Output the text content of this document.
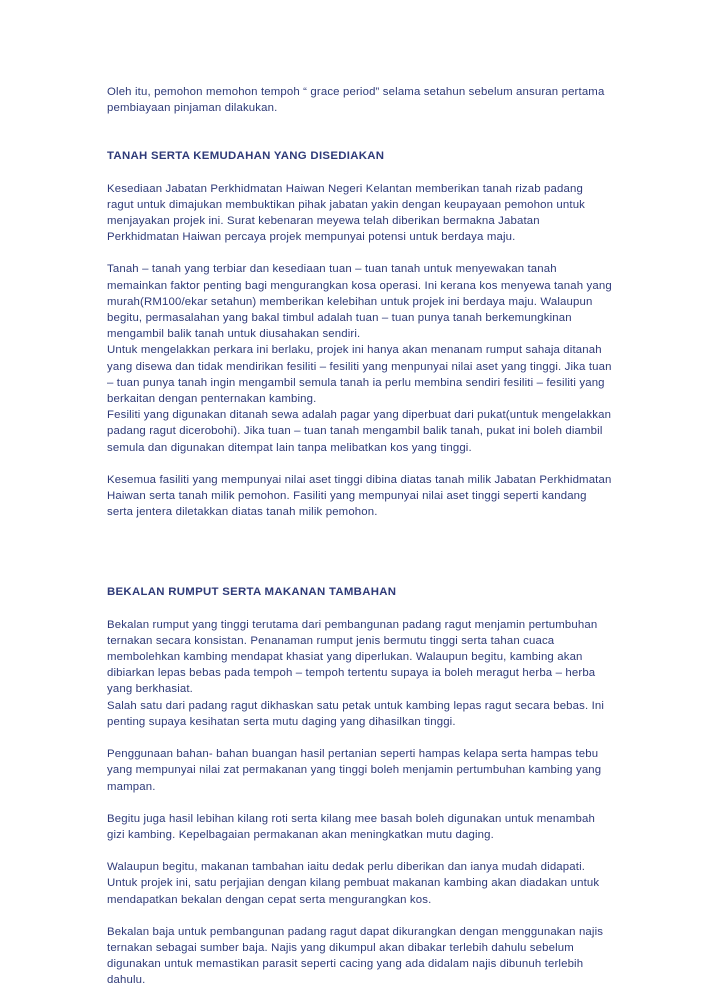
Oleh itu, pemohon memohon tempoh “ grace period” selama setahun sebelum ansuran pertama
pembiayaan pinjaman dilakukan.

TANAH SERTA KEMUDAHAN YANG DISEDIAKAN

Kesediaan Jabatan Perkhidmatan Haiwan Negeri Kelantan memberikan tanah rizab padang
ragut untuk dimajukan membuktikan pihak jabatan yakin dengan keupayaan pemohon untuk
menjayakan projek ini. Surat kebenaran meyewa telah diberikan bermakna Jabatan
Perkhidmatan Haiwan percaya projek mempunyai potensi untuk berdaya maju.

Tanah – tanah yang terbiar dan kesediaan tuan – tuan tanah untuk menyewakan tanah
memainkan faktor penting bagi mengurangkan kosa operasi. Ini kerana kos menyewa tanah yang
murah(RM100/ekar setahun) memberikan kelebihan untuk projek ini berdaya maju. Walaupun
begitu, permasalahan yang bakal timbul adalah tuan – tuan punya tanah berkemungkinan
mengambil balik tanah untuk diusahakan sendiri.
Untuk mengelakkan perkara ini berlaku, projek ini hanya akan menanam rumput sahaja ditanah
yang disewa dan tidak mendirikan fesiliti – fesiliti yang menpunyai nilai aset yang tinggi. Jika tuan
– tuan punya tanah ingin mengambil semula tanah ia perlu membina sendiri fesiliti – fesiliti yang
berkaitan dengan penternakan kambing.
Fesiliti yang digunakan ditanah sewa adalah pagar yang diperbuat dari pukat(untuk mengelakkan
padang ragut dicerobohi). Jika tuan – tuan tanah mengambil balik tanah, pukat ini boleh diambil
semula dan digunakan ditempat lain tanpa melibatkan kos yang tinggi.

Kesemua fasiliti yang mempunyai nilai aset tinggi dibina diatas tanah milik Jabatan Perkhidmatan
Haiwan serta tanah milik pemohon. Fasiliti yang mempunyai nilai aset tinggi seperti kandang
serta jentera diletakkan diatas tanah milik pemohon.

BEKALAN RUMPUT SERTA MAKANAN TAMBAHAN

Bekalan rumput yang tinggi terutama dari pembangunan padang ragut menjamin pertumbuhan
ternakan secara konsistan. Penanaman rumput jenis bermutu tinggi serta tahan cuaca
membolehkan kambing mendapat khasiat yang diperlukan. Walaupun begitu, kambing akan
dibiarkan lepas bebas pada tempoh – tempoh tertentu supaya ia boleh meragut herba – herba
yang berkhasiat.
Salah satu dari padang ragut dikhaskan satu petak untuk kambing lepas ragut secara bebas. Ini
penting supaya kesihatan serta mutu daging yang dihasilkan tinggi.

Penggunaan bahan- bahan buangan hasil pertanian seperti hampas kelapa serta hampas tebu
yang mempunyai nilai zat permakanan yang tinggi boleh menjamin pertumbuhan kambing yang
mampan.

Begitu juga hasil lebihan kilang roti serta kilang mee basah boleh digunakan untuk menambah
gizi kambing. Kepelbagaian permakanan akan meningkatkan mutu daging.

Walaupun begitu, makanan tambahan iaitu dedak perlu diberikan dan ianya mudah didapati.
Untuk projek ini, satu perjajian dengan kilang pembuat makanan kambing akan diadakan untuk
mendapatkan bekalan dengan cepat serta mengurangkan kos.

Bekalan baja untuk pembangunan padang ragut dapat dikurangkan dengan menggunakan najis
ternakan sebagai sumber baja. Najis yang dikumpul akan dibakar terlebih dahulu sebelum
digunakan untuk memastikan parasit seperti cacing yang ada didalam najis dibunuh terlebih
dahulu.
